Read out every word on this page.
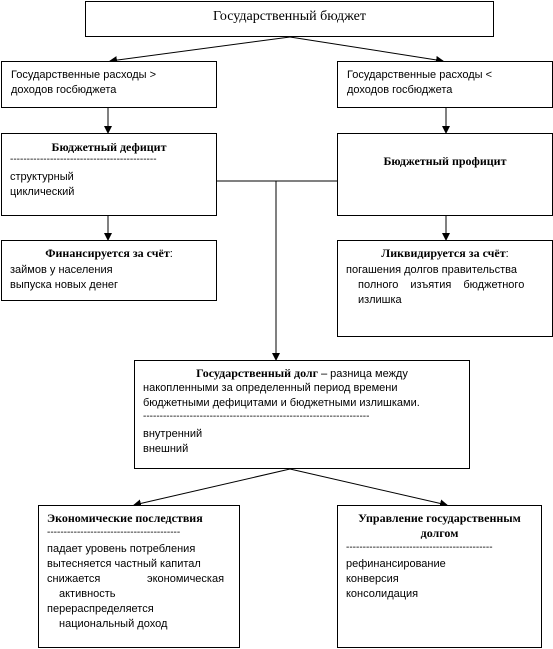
Государственный бюджет
Государственные расходы >
доходов госбюджета
Государственные расходы <
доходов госбюджета
Бюджетный дефицит
--------------------------------------------
структурный
циклический
Бюджетный профицит
Финансируется за счёт:
займов у населения
выпуска новых денег
Ликвидируется за счёт:
погашения долгов правительства
полного изъятия бюджетного
излишка
Государственный долг – разница между
накопленными за определенный период времени
бюджетными дефицитами и бюджетными излишками.
--------------------------------------------------------------------
внутренний
внешний
Экономические последствия
----------------------------------------
падает уровень потребления
вытесняется частный капитал
снижается	экономическая
активность
перераспределяется
национальный доход
Управление государственным
долгом
--------------------------------------------
рефинансирование
конверсия
консолидация
